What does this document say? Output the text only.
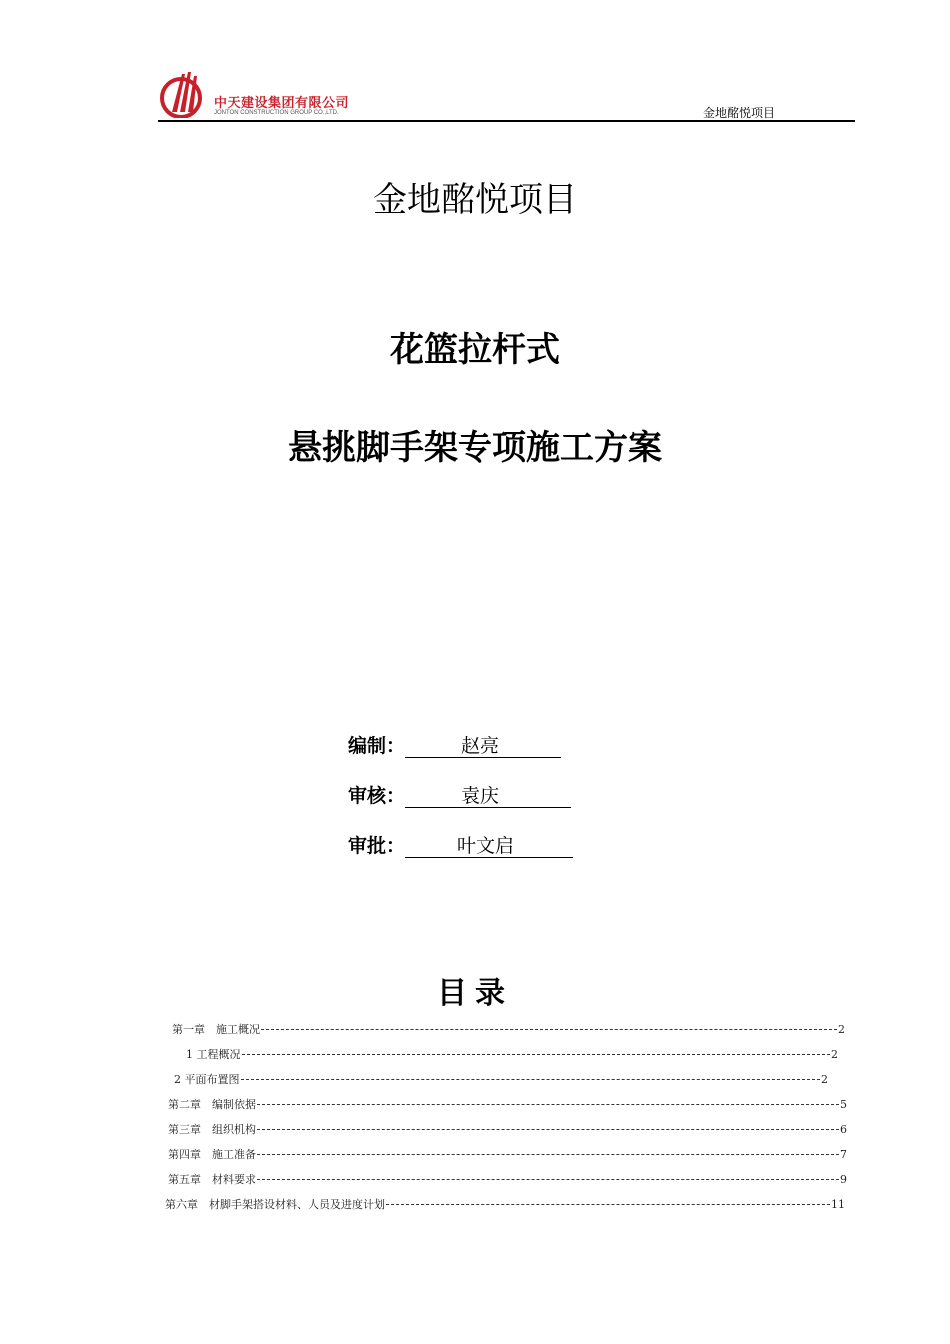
中天建设集团有限公司
JONTON CONSTRUCTION GROUP CO.,LTD.	金地酩悦项目
金地酩悦项目
花篮拉杆式
悬挑脚手架专项施工方案
编制：	赵亮
审核：	袁庆
审批：	叶文启
目录
第一章　施工概况	2
1 工程概况	2
2 平面布置图	2
第二章　编制依据	5
第三章　组织机构	6
第四章　施工准备	7
第五章　材料要求	9
第六章　材脚手架搭设材料、人员及进度计划	11
